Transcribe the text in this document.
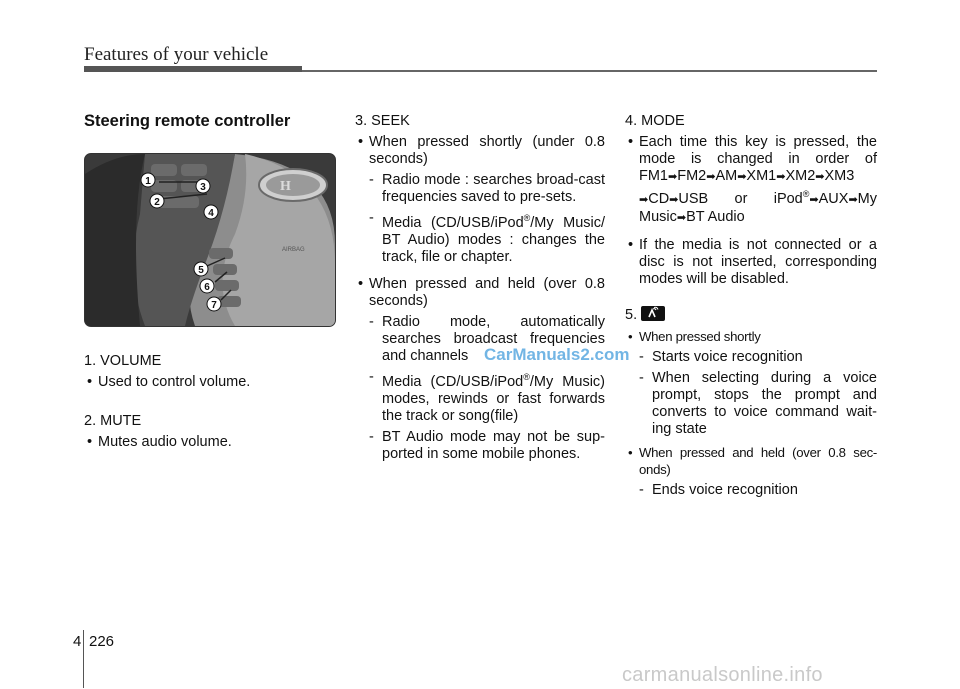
Features of your vehicle
Steering remote controller
H
AIRBAG
1
2
3
4
5
6
7
1. VOLUME
• Used to control volume.
2. MUTE
• Mutes audio volume.
3. SEEK
• When pressed shortly (under 0.8 seconds)
- Radio mode : searches broad-cast frequencies saved to pre-sets.
- Media (CD/USB/iPod®/My Music/ BT Audio) modes : changes the track, file or chapter.
• When pressed and held (over 0.8 seconds)
- Radio mode, automatically searches broadcast frequencies and channels
- Media (CD/USB/iPod®/My Music) modes, rewinds or fast forwards the track or song(file)
- BT Audio mode may not be sup-ported in some mobile phones.
CarManuals2.com
4. MODE
• Each time this key is pressed, the mode is changed in order of FM1➡FM2➡AM➡XM1➡XM2➡XM3 ➡CD➡USB or iPod®➡AUX➡My Music➡BT Audio
• If the media is not connected or a disc is not inserted, corresponding modes will be disabled.
5.
• When pressed shortly
- Starts voice recognition
- When selecting during a voice prompt, stops the prompt and converts to voice command wait-ing state
• When pressed and held (over 0.8 sec-onds)
- Ends voice recognition
4 226
carmanualsonline.info
